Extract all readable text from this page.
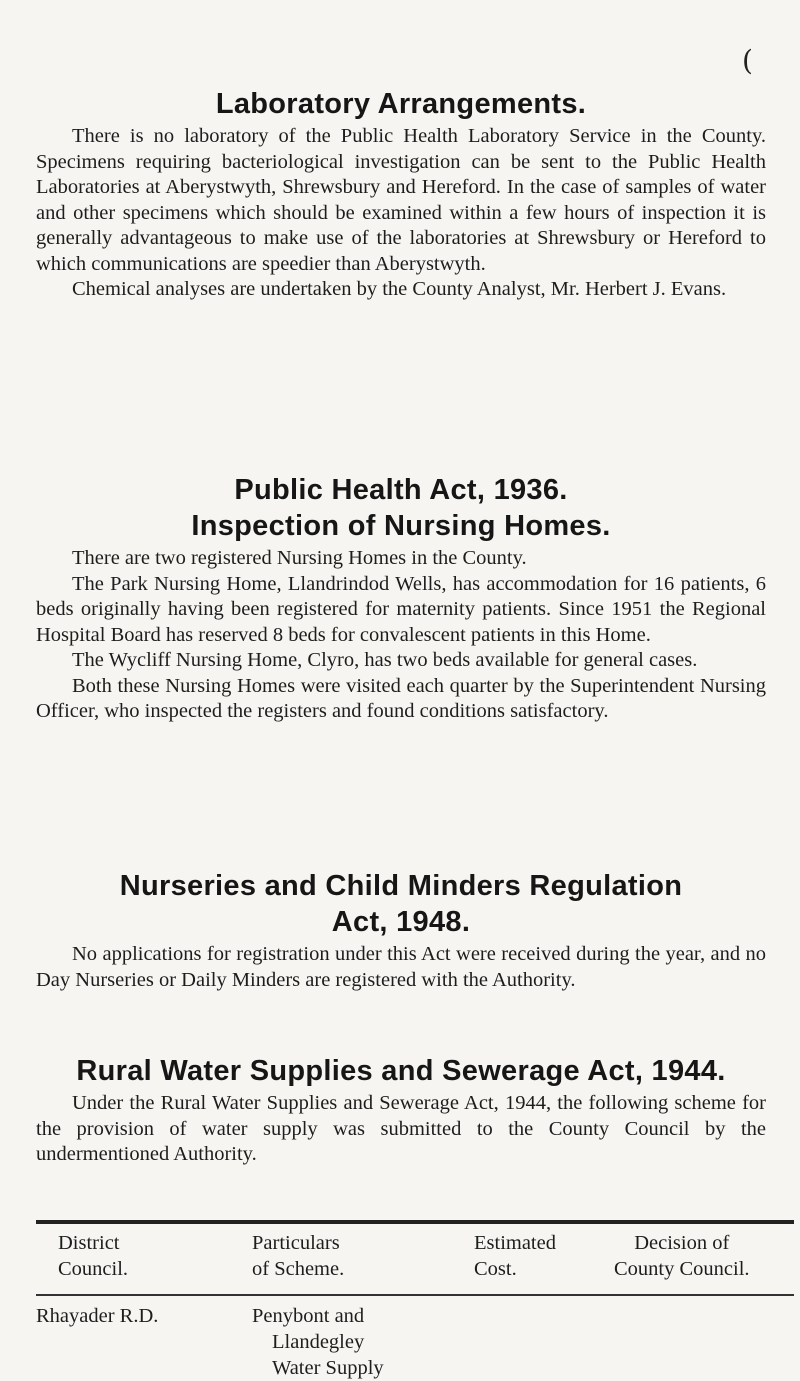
(
Laboratory Arrangements.

There is no laboratory of the Public Health Laboratory Service in the County. Specimens requiring bacteriological investigation can be sent to the Public Health Laboratories at Aberystwyth, Shrewsbury and Hereford. In the case of samples of water and other specimens which should be examined within a few hours of inspection it is generally advantageous to make use of the laboratories at Shrewsbury or Hereford to which communications are speedier than Aberystwyth.

Chemical analyses are undertaken by the County Analyst, Mr. Herbert J. Evans.

Public Health Act, 1936.
Inspection of Nursing Homes.

There are two registered Nursing Homes in the County.

The Park Nursing Home, Llandrindod Wells, has accommodation for 16 patients, 6 beds originally having been registered for maternity patients. Since 1951 the Regional Hospital Board has reserved 8 beds for convalescent patients in this Home.

The Wycliff Nursing Home, Clyro, has two beds available for general cases.

Both these Nursing Homes were visited each quarter by the Superintendent Nursing Officer, who inspected the registers and found conditions satisfactory.

Nurseries and Child Minders Regulation
Act, 1948.

No applications for registration under this Act were received during the year, and no Day Nurseries or Daily Minders are registered with the Authority.

Rural Water Supplies and Sewerage Act, 1944.

Under the Rural Water Supplies and Sewerage Act, 1944, the following scheme for the provision of water supply was submitted to the County Council by the undermentioned Authority.

District
Council.
Particulars
of Scheme.
Estimated
Cost.
Decision of
County Council.
Rhayader R.D.	Penybont and
Llandegley
Water Supply
